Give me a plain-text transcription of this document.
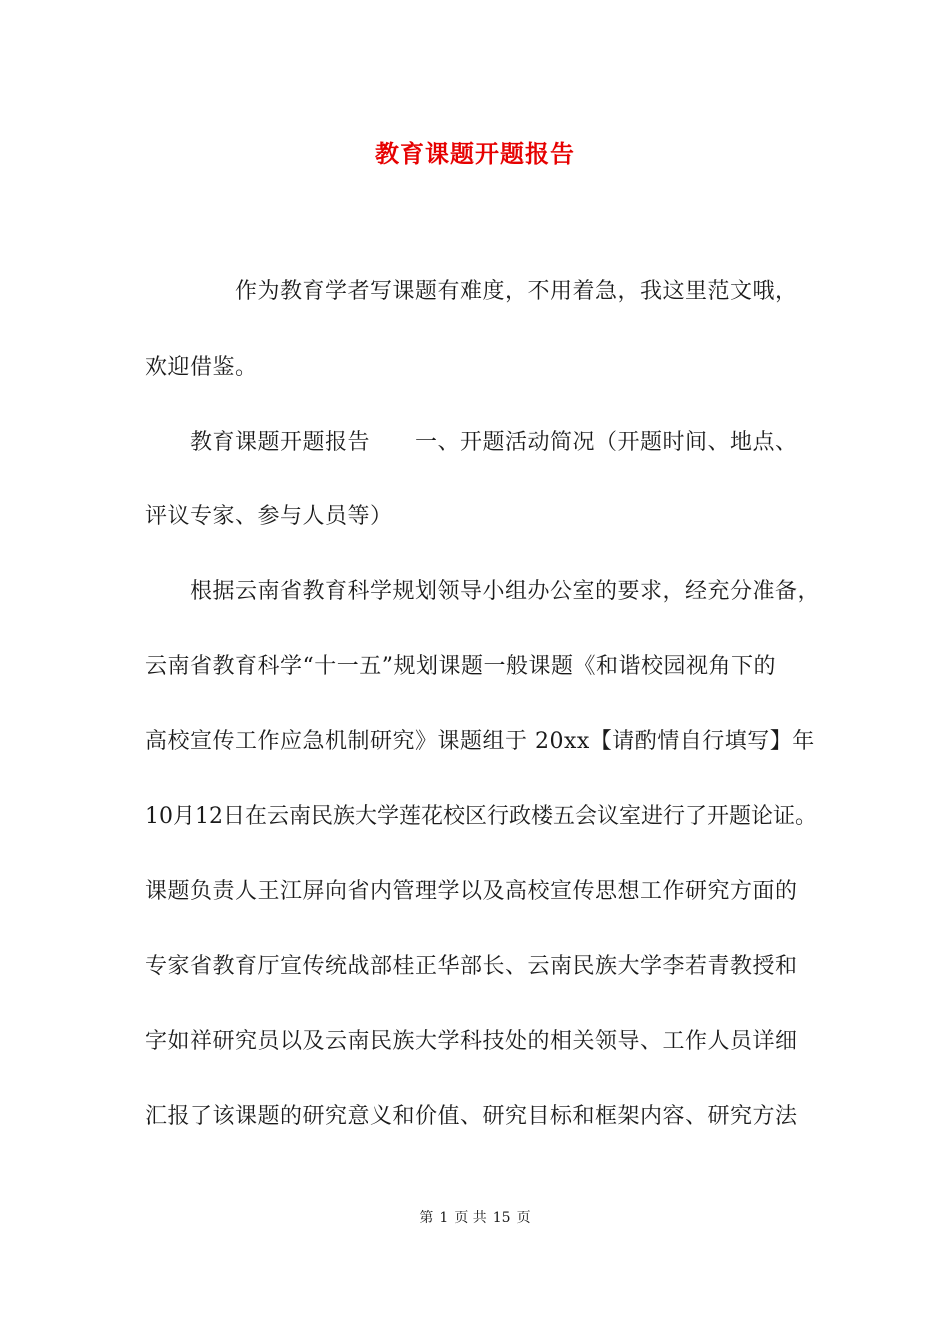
教育课题开题报告
作为教育学者写课题有难度，不用着急，我这里范文哦，
欢迎借鉴。
教育课题开题报告　　一、开题活动简况（开题时间、地点、
评议专家、参与人员等）
根据云南省教育科学规划领导小组办公室的要求，经充分准备，
云南省教育科学“十一五”规划课题一般课题《和谐校园视角下的
高校宣传工作应急机制研究》课题组于 20xx【请酌情自行填写】年
10月12日在云南民族大学莲花校区行政楼五会议室进行了开题论证。
课题负责人王江屏向省内管理学以及高校宣传思想工作研究方面的
专家省教育厅宣传统战部桂正华部长、云南民族大学李若青教授和
字如祥研究员以及云南民族大学科技处的相关领导、工作人员详细
汇报了该课题的研究意义和价值、研究目标和框架内容、研究方法
第 1 页 共 15 页
